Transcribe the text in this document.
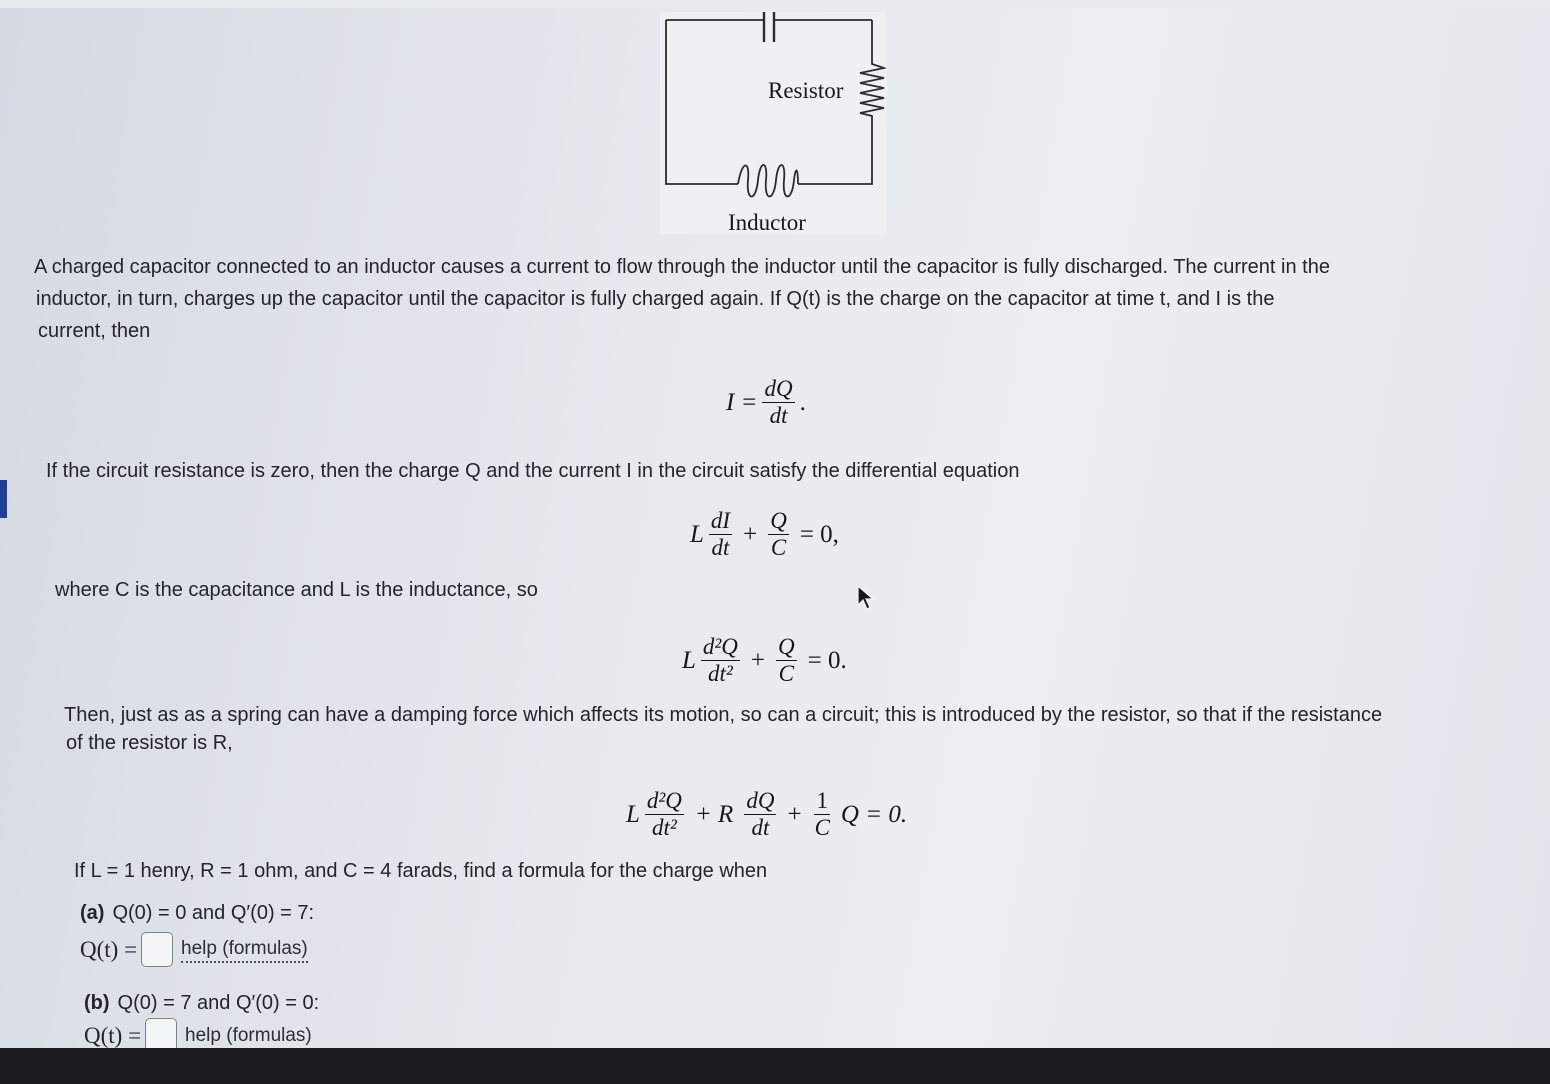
Resistor
Inductor

A charged capacitor connected to an inductor causes a current to flow through the inductor until the capacitor is fully discharged. The current in the

inductor, in turn, charges up the capacitor until the capacitor is fully charged again. If Q(t) is the charge on the capacitor at time t, and I is the

current, then

$I = \frac{dQ}{dt}$ .

If the circuit resistance is zero, then the charge Q and the current I in the circuit satisfy the differential equation

L $\frac{dI}{dt} + \frac{Q}{C} = 0$,

where C is the capacitance and L is the inductance, so

L $\frac{\text{d²Q}}{\text{dt²}} + \frac{Q}{C} = 0$.

Then, just as as a spring can have a damping force which affects its motion, so can a circuit; this is introduced by the resistor, so that if the resistance

of the resistor is R,

L $\frac{\text{d²Q}}{\text{dt²}} + R \frac{dQ}{dt} + \frac{1}{C}$ Q = 0.

If L = 1 henry, R = 1 ohm, and C = 4 farads, find a formula for the charge when

(a) Q(0) = 0 and Q′(0) = 7:
Q(t) = help (formulas)
(b) Q(0) = 7 and Q′(0) = 0:
Q(t) = help (formulas)
